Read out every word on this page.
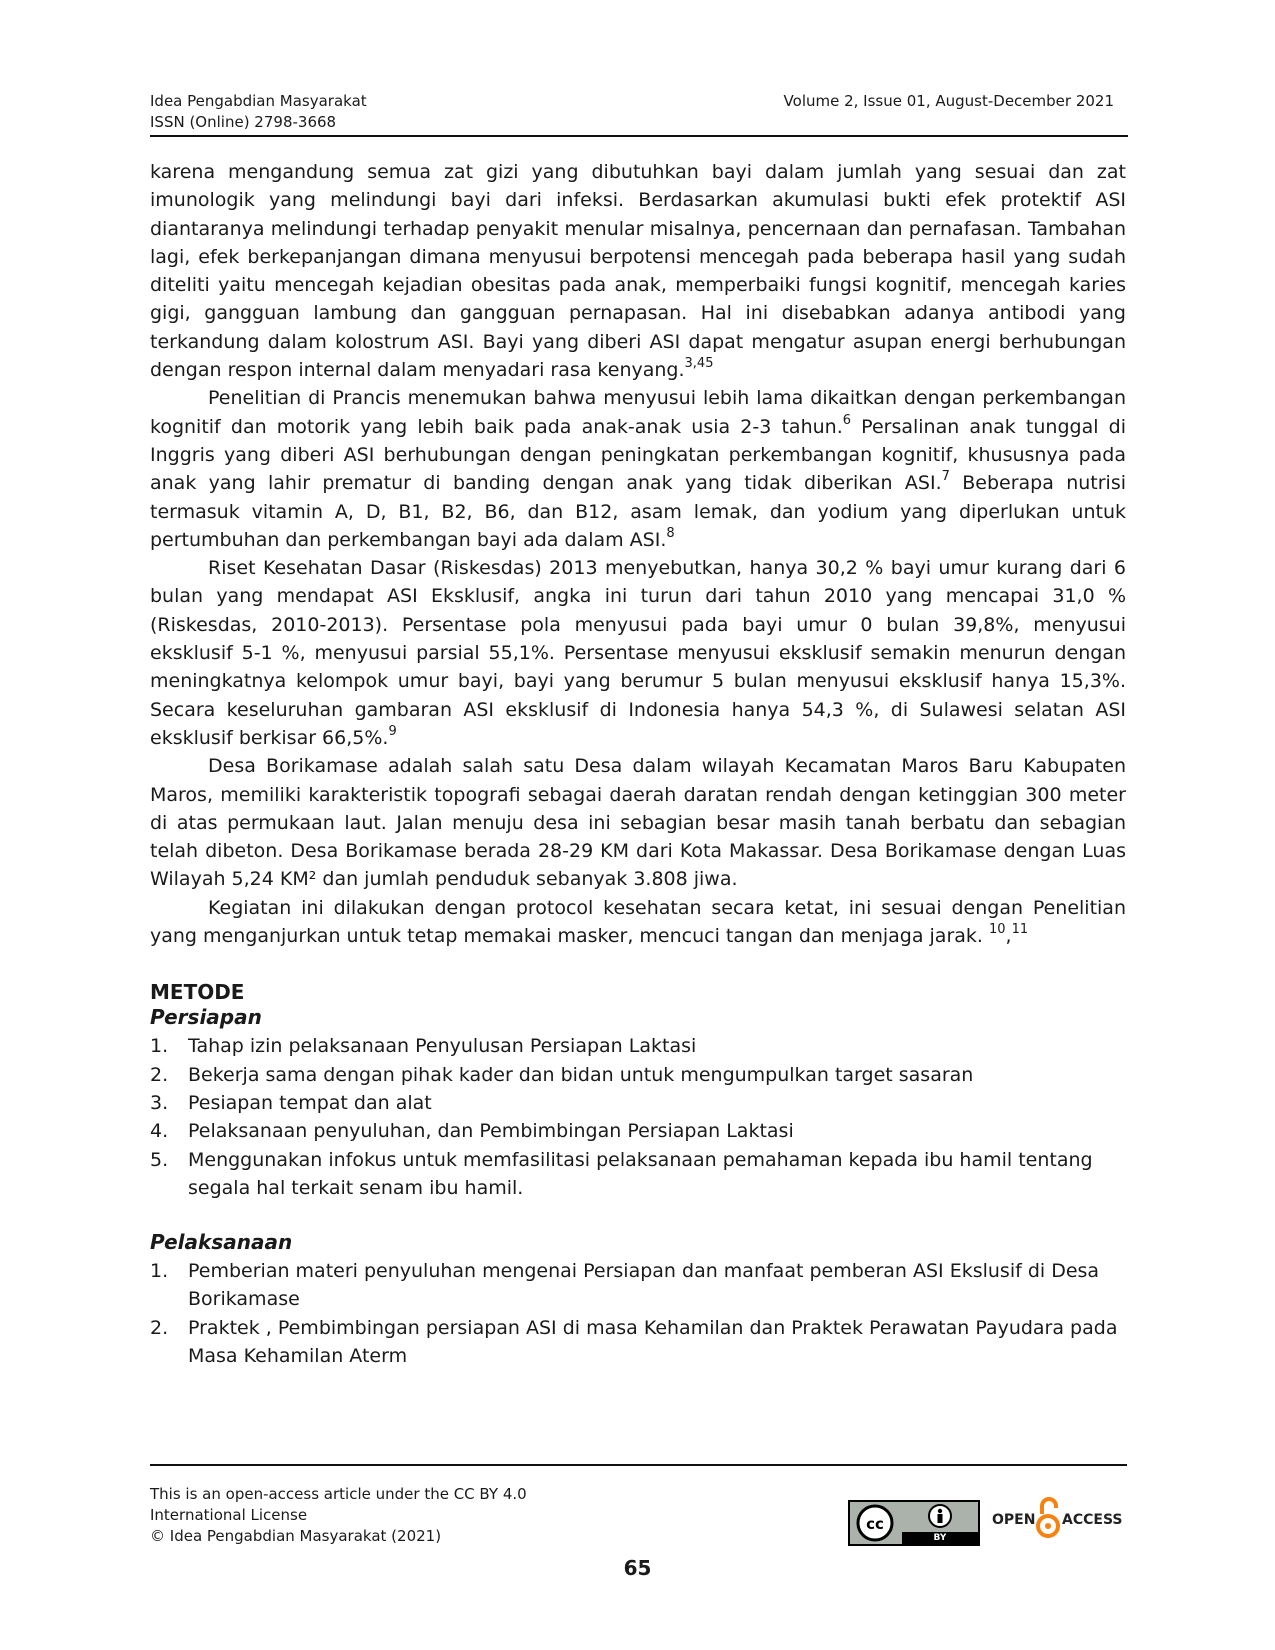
Idea Pengabdian Masyarakat
ISSN (Online) 2798-3668
Volume 2, Issue 01, August-December 2021

karena mengandung semua zat gizi yang dibutuhkan bayi dalam jumlah yang sesuai dan zat imunologik yang melindungi bayi dari infeksi. Berdasarkan akumulasi bukti efek protektif ASI diantaranya melindungi terhadap penyakit menular misalnya, pencernaan dan pernafasan. Tambahan lagi, efek berkepanjangan dimana menyusui berpotensi mencegah pada beberapa hasil yang sudah diteliti yaitu mencegah kejadian obesitas pada anak, memperbaiki fungsi kognitif, mencegah karies gigi, gangguan lambung dan gangguan pernapasan. Hal ini disebabkan adanya antibodi yang terkandung dalam kolostrum ASI. Bayi yang diberi ASI dapat mengatur asupan energi berhubungan dengan respon internal dalam menyadari rasa kenyang.$^{3,45}$

Penelitian di Prancis menemukan bahwa menyusui lebih lama dikaitkan dengan perkembangan kognitif dan motorik yang lebih baik pada anak-anak usia 2-3 tahun.$^6$ Persalinan anak tunggal di Inggris yang diberi ASI berhubungan dengan peningkatan perkembangan kognitif, khususnya pada anak yang lahir prematur di banding dengan anak yang tidak diberikan ASI.$^7$ Beberapa nutrisi termasuk vitamin A, D, B1, B2, B6, dan B12, asam lemak, dan yodium yang diperlukan untuk pertumbuhan dan perkembangan bayi ada dalam ASI.$^8$

Riset Kesehatan Dasar (Riskesdas) 2013 menyebutkan, hanya 30,2 % bayi umur kurang dari 6 bulan yang mendapat ASI Eksklusif, angka ini turun dari tahun 2010 yang mencapai 31,0 % (Riskesdas, 2010-2013). Persentase pola menyusui pada bayi umur 0 bulan 39,8%, menyusui eksklusif 5-1 %, menyusui parsial 55,1%. Persentase menyusui eksklusif semakin menurun dengan meningkatnya kelompok umur bayi, bayi yang berumur 5 bulan menyusui eksklusif hanya 15,3%. Secara keseluruhan gambaran ASI eksklusif di Indonesia hanya 54,3 %, di Sulawesi selatan ASI eksklusif berkisar 66,5%.$^9$

Desa Borikamase adalah salah satu Desa dalam wilayah Kecamatan Maros Baru Kabupaten Maros, memiliki karakteristik topografi sebagai daerah daratan rendah dengan ketinggian 300 meter di atas permukaan laut. Jalan menuju desa ini sebagian besar masih tanah berbatu dan sebagian telah dibeton. Desa Borikamase berada 28-29 KM dari Kota Makassar. Desa Borikamase dengan Luas Wilayah 5,24 KM² dan jumlah penduduk sebanyak 3.808 jiwa.

Kegiatan ini dilakukan dengan protocol kesehatan secara ketat, ini sesuai dengan Penelitian yang menganjurkan untuk tetap memakai masker, mencuci tangan dan menjaga jarak. $^{10}$,$^{11}$

METODE
Persiapan
1. Tahap izin pelaksanaan Penyulusan Persiapan Laktasi
2. Bekerja sama dengan pihak kader dan bidan untuk mengumpulkan target sasaran
3. Pesiapan tempat dan alat
4. Pelaksanaan penyuluhan, dan Pembimbingan Persiapan Laktasi
5. Menggunakan infokus untuk memfasilitasi pelaksanaan pemahaman kepada ibu hamil tentang segala hal terkait senam ibu hamil.
Pelaksanaan
1. Pemberian materi penyuluhan mengenai Persiapan dan manfaat pemberan ASI Ekslusif di Desa Borikamase
2. Praktek , Pembimbingan persiapan ASI di masa Kehamilan dan Praktek Perawatan Payudara pada Masa Kehamilan Aterm
This is an open-access article under the CC BY 4.0
International License
© Idea Pengabdian Masyarakat (2021)
cc
BY
OPEN ACCESS
65
